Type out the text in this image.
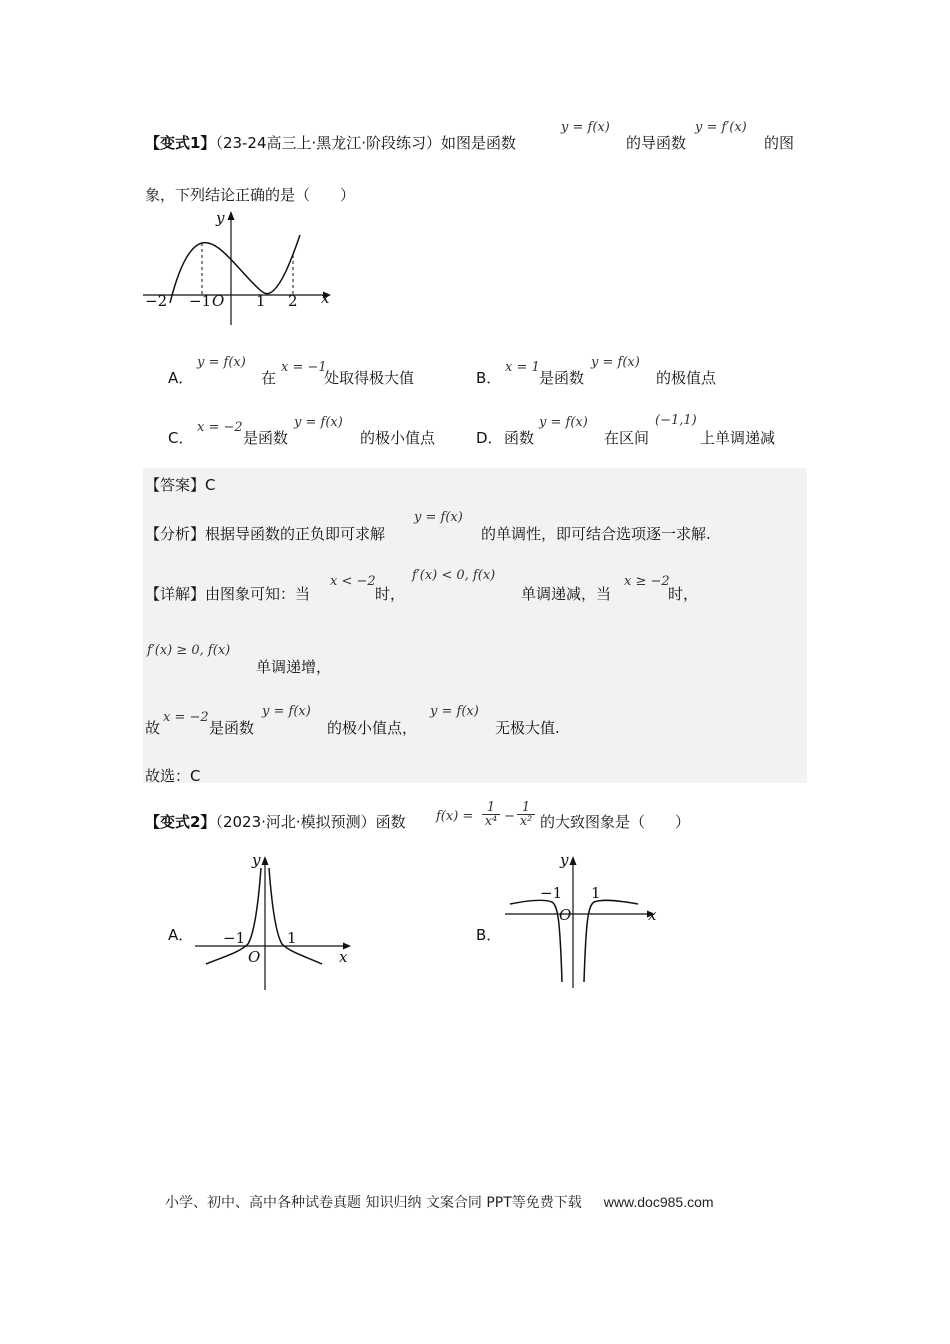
【变式1】（23-24高三上·黑龙江·阶段练习）如图是函数
y = f(x)
的导函数
y = f′(x)
的图
象，下列结论正确的是（　　）
−2 −1 O 1 2 x
y
A．
y = f(x)
在
x = −1
处取得极大值	B．
x = 1
是函数
y = f(x)
的极值点
C．
x = −2
是函数
y = f(x)
的极小值点	D． 函数
y = f(x)
在区间
(−1,1)
上单调递减
【答案】C
【分析】根据导函数的正负即可求解
y = f(x)
的单调性，即可结合选项逐一求解.
【详解】由图象可知：当
x < −2
时，
f′(x) < 0, f(x)
单调递减，当
x ≥ −2
时，
f′(x) ≥ 0, f(x)
单调递增，
故
x = −2
是函数
y = f(x)
的极小值点，
y = f(x)
无极大值.
故选：C
【变式2】（2023·河北·模拟预测）函数 $f(x) = \frac{1}{\text{x⁴}} - \frac{1}{\text{x²}}$ 的大致图象是（　　）
A． −1	1
O	x
y
B．
−1 1
O	x
y
小学、初中、高中各种试卷真题 知识归纳 文案合同 PPT等免费下载 www.doc985.com
